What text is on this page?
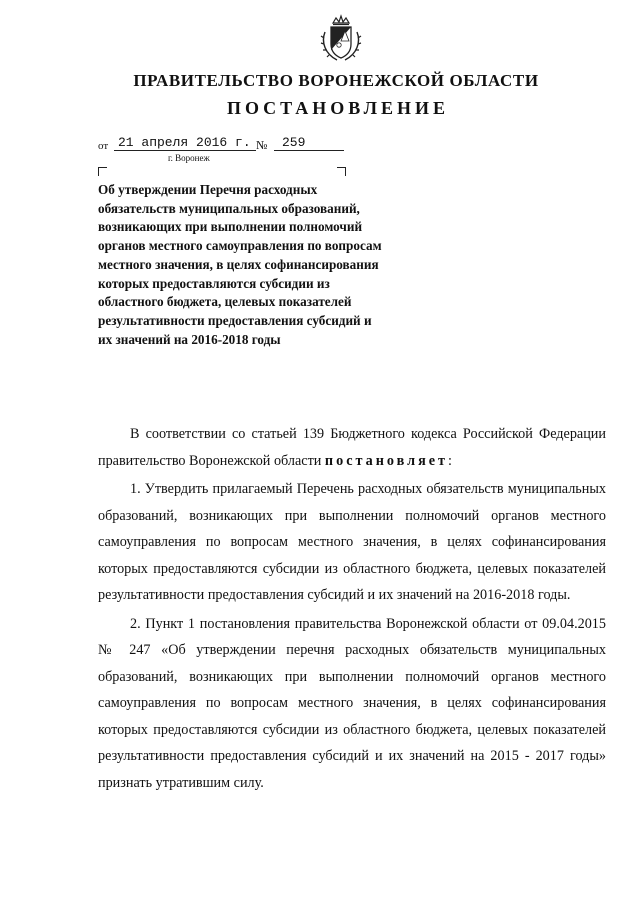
ПРАВИТЕЛЬСТВО ВОРОНЕЖСКОЙ ОБЛАСТИ
ПОСТАНОВЛЕНИЕ
от 21 апреля 2016 г. № 259
г. Воронеж

Об утверждении Перечня расходных обязательств муниципальных образований, возникающих при выполнении полномочий органов местного самоуправления по вопросам местного значения, в целях софинансирования которых предоставляются субсидии из областного бюджета, целевых показателей результативности предоставления субсидий и их значений на 2016-2018 годы

В соответствии со статьей 139 Бюджетного кодекса Российской Федерации правительство Воронежской области постановляет:

1. Утвердить прилагаемый Перечень расходных обязательств муниципальных образований, возникающих при выполнении полномочий органов местного самоуправления по вопросам местного значения, в целях софинансирования которых предоставляются субсидии из областного бюджета, целевых показателей результативности предоставления субсидий и их значений на 2016-2018 годы.

2. Пункт 1 постановления правительства Воронежской области от 09.04.2015 № 247 «Об утверждении перечня расходных обязательств муниципальных образований, возникающих при выполнении полномочий органов местного самоуправления по вопросам местного значения, в целях софинансирования которых предоставляются субсидии из областного бюджета, целевых показателей результативности предоставления субсидий и их значений на 2015 - 2017 годы» признать утратившим силу.
